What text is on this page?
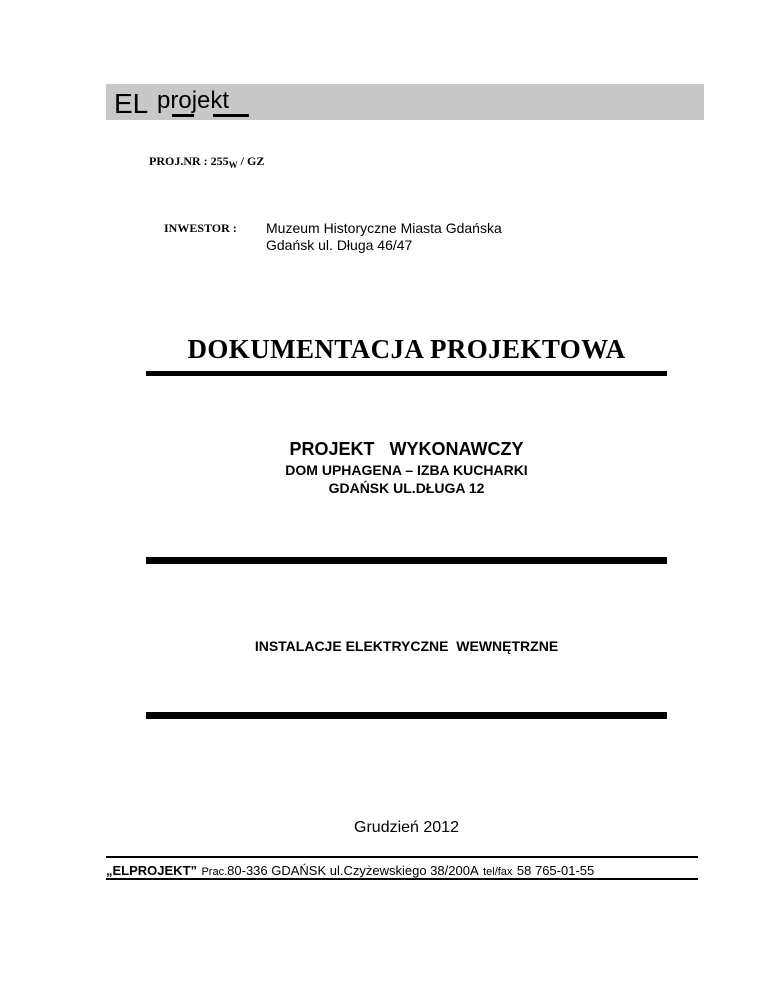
EL projekt
PROJ.NR : $255_W$ / GZ
INWESTOR : Muzeum Historyczne Miasta Gdańska
Gdańsk ul. Długa 46/47
DOKUMENTACJA PROJEKTOWA
PROJEKT   WYKONAWCZY
DOM UPHAGENA – IZBA KUCHARKI
GDAŃSK UL.DŁUGA 12
INSTALACJE ELEKTRYCZNE  WEWNĘTRZNE
Grudzień 2012
„ELPROJEKT” Prac.80-336 GDAŃSK ul.Czyżewskiego 38/200A tel/fax 58 765-01-55
